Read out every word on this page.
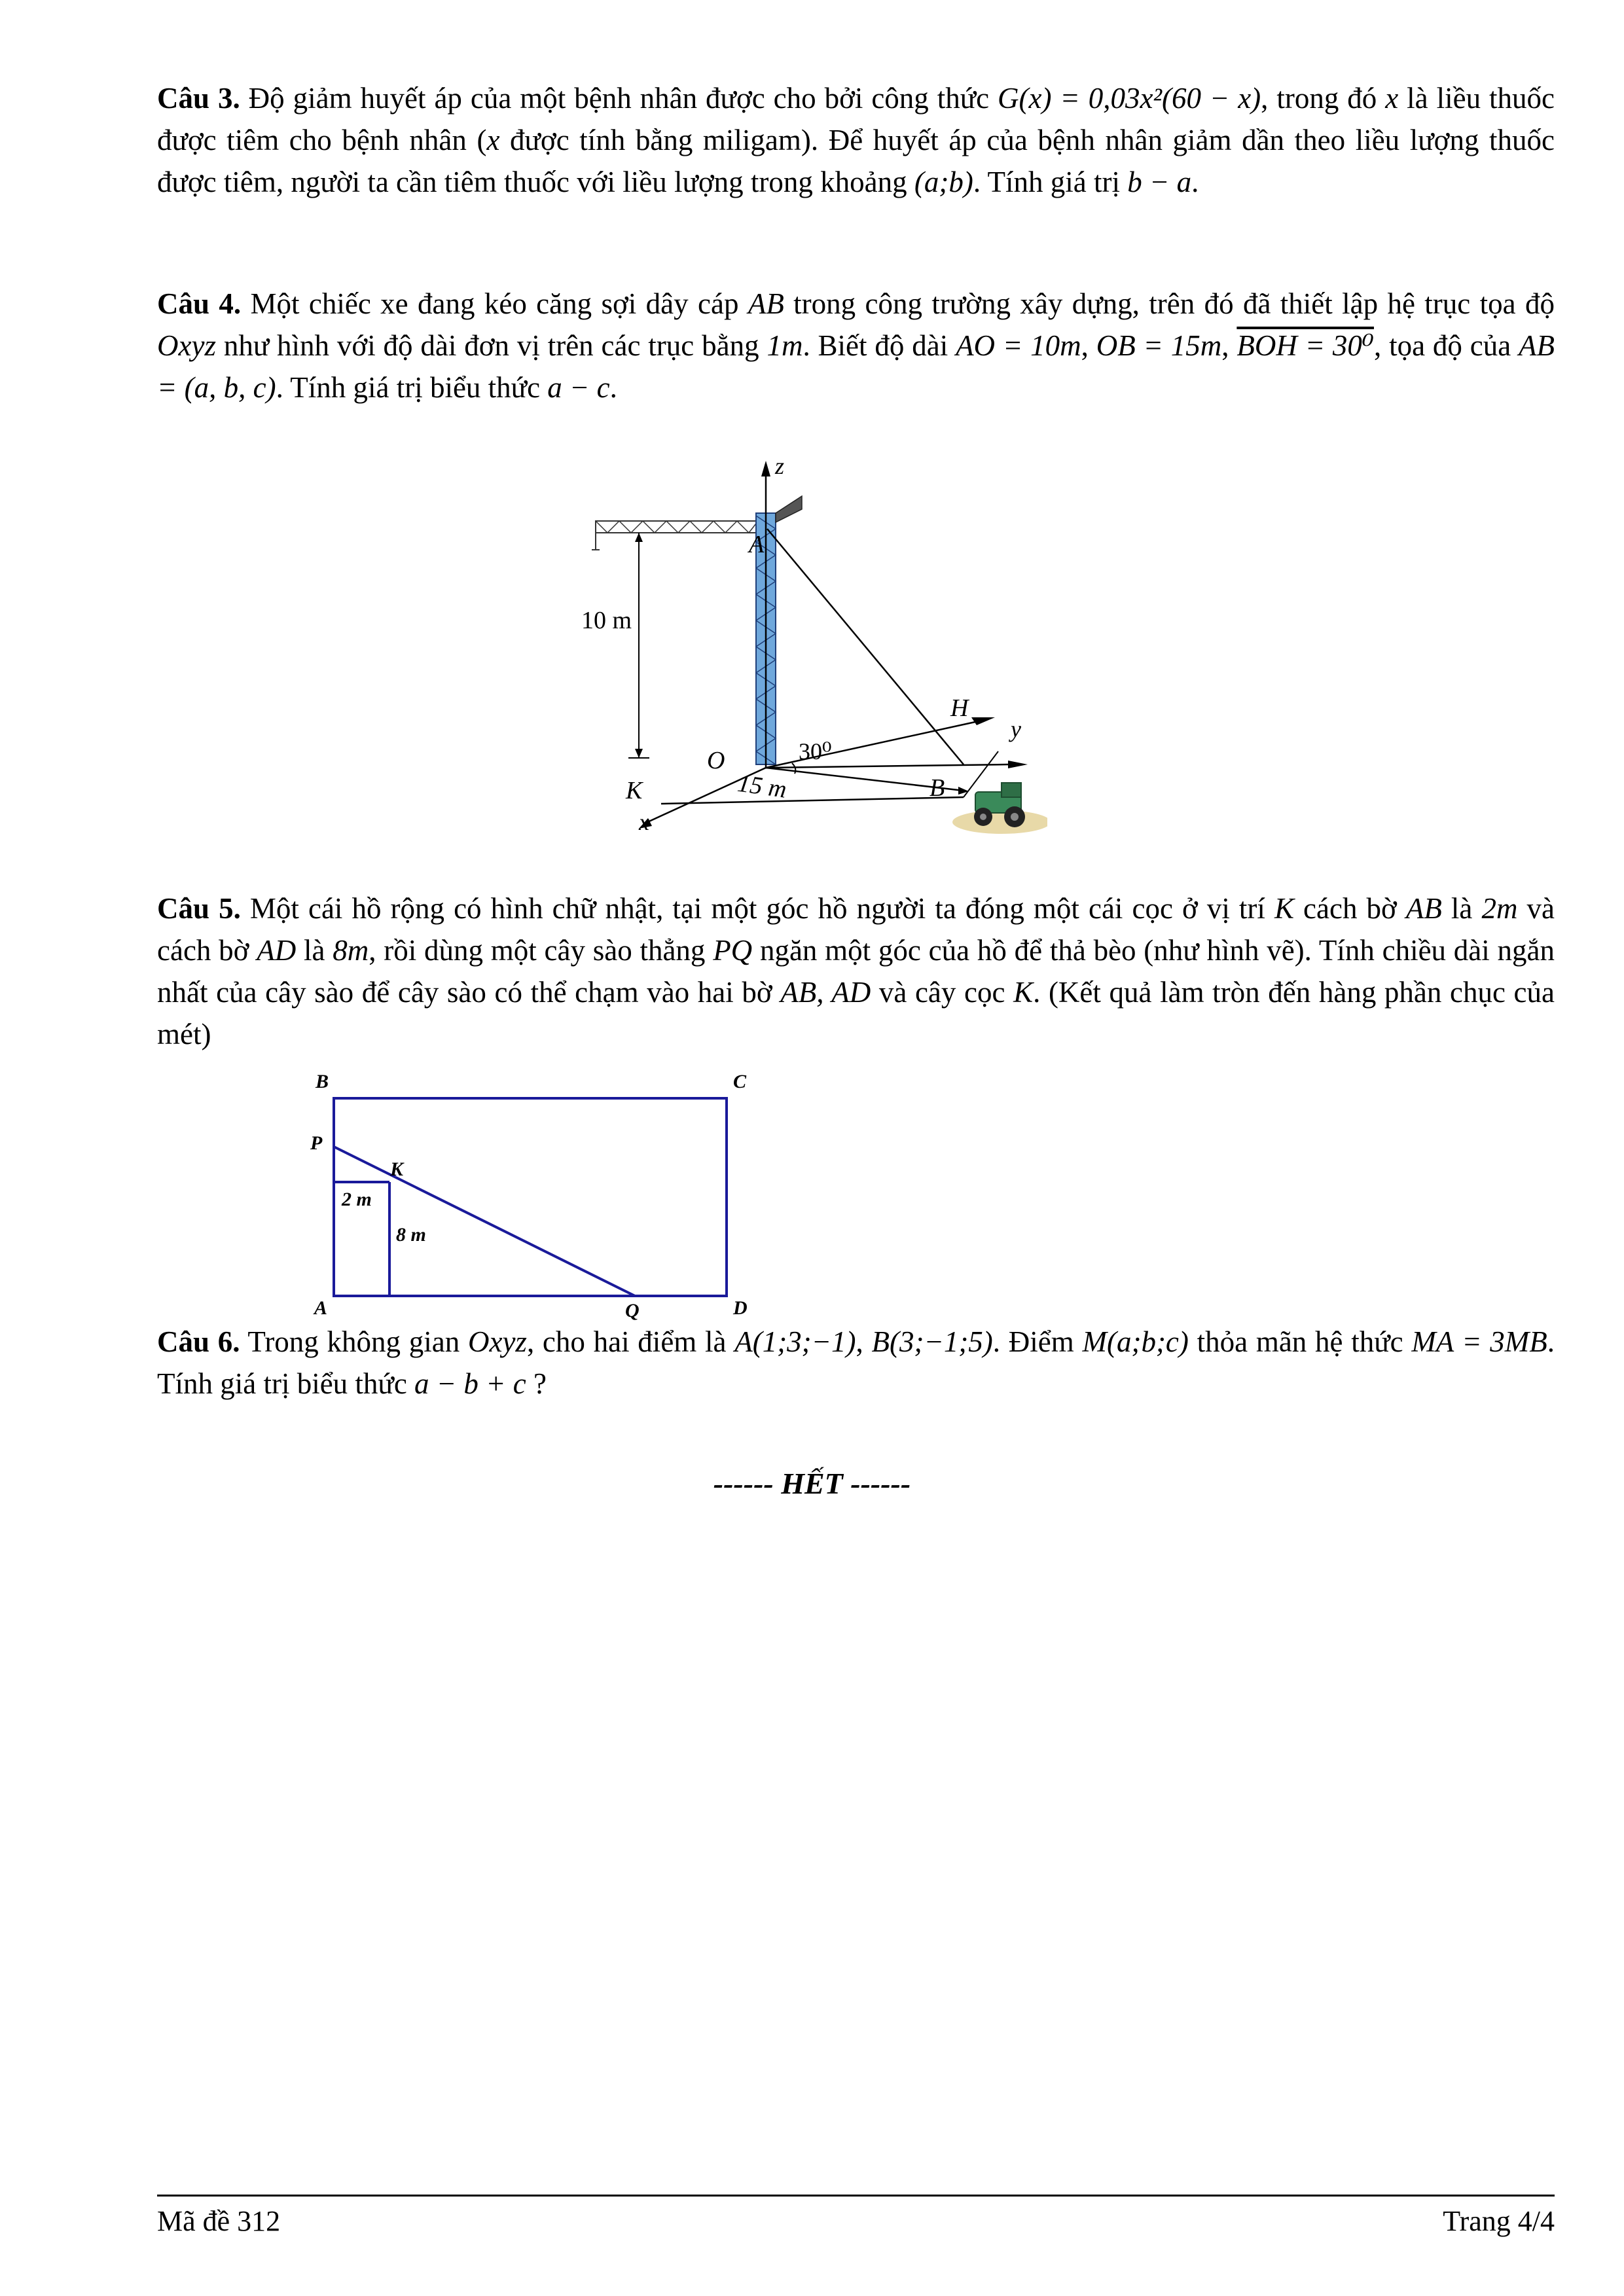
Câu 3. Độ giảm huyết áp của một bệnh nhân được cho bởi công thức G(x) = 0,03x²(60 − x), trong đó x là liều thuốc được tiêm cho bệnh nhân (x được tính bằng miligam). Để huyết áp của bệnh nhân giảm dần theo liều lượng thuốc được tiêm, người ta cần tiêm thuốc với liều lượng trong khoảng (a;b). Tính giá trị b − a.

Câu 4. Một chiếc xe đang kéo căng sợi dây cáp AB trong công trường xây dựng, trên đó đã thiết lập hệ trục tọa độ Oxyz như hình với độ dài đơn vị trên các trục bằng 1m. Biết độ dài AO = 10m, OB = 15m, BOH = 30⁰, tọa độ của AB = (a, b, c). Tính giá trị biểu thức a − c.

10 m
z
A
y
H
x
K
O	30⁰
15 m	B

Câu 5. Một cái hồ rộng có hình chữ nhật, tại một góc hồ người ta đóng một cái cọc ở vị trí K cách bờ AB là 2m và cách bờ AD là 8m, rồi dùng một cây sào thẳng PQ ngăn một góc của hồ để thả bèo (như hình vẽ). Tính chiều dài ngắn nhất của cây sào để cây sào có thể chạm vào hai bờ AB, AD và cây cọc K. (Kết quả làm tròn đến hàng phần chục của mét)

B	C
P
K
2 m
8 m
A	Q	D

Câu 6. Trong không gian Oxyz, cho hai điểm là A(1;3;−1), B(3;−1;5). Điểm M(a;b;c) thỏa mãn hệ thức MA = 3MB. Tính giá trị biểu thức a − b + c ?

------ HẾT ------
Mã đề 312	Trang 4/4
